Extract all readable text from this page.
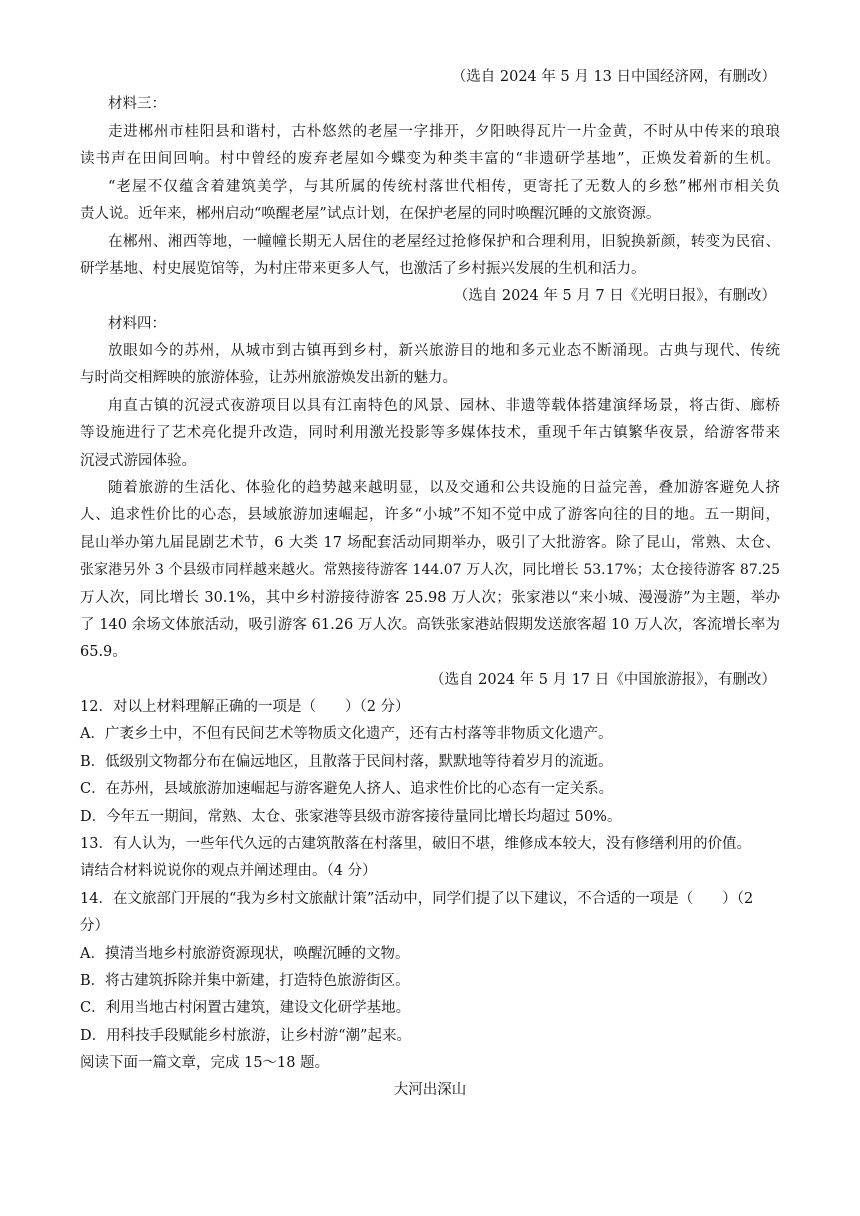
（选自 2024 年 5 月 13 日中国经济网，有删改）

材料三：

走进郴州市桂阳县和谐村，古朴悠然的老屋一字排开，夕阳映得瓦片一片金黄，不时从中传来的琅琅

读书声在田间回响。村中曾经的废弃老屋如今蝶变为种类丰富的“非遗研学基地”，正焕发着新的生机。

“老屋不仅蕴含着建筑美学，与其所属的传统村落世代相传，更寄托了无数人的乡愁”郴州市相关负

责人说。近年来，郴州启动“唤醒老屋”试点计划，在保护老屋的同时唤醒沉睡的文旅资源。

在郴州、湘西等地，一幢幢长期无人居住的老屋经过抢修保护和合理利用，旧貌换新颜，转变为民宿、

研学基地、村史展览馆等，为村庄带来更多人气，也激活了乡村振兴发展的生机和活力。

（选自 2024 年 5 月 7 日《光明日报》，有删改）

材料四：

放眼如今的苏州，从城市到古镇再到乡村，新兴旅游目的地和多元业态不断涌现。古典与现代、传统

与时尚交相辉映的旅游体验，让苏州旅游焕发出新的魅力。

甪直古镇的沉浸式夜游项目以具有江南特色的风景、园林、非遗等载体搭建演绎场景，将古街、廊桥

等设施进行了艺术亮化提升改造，同时利用激光投影等多媒体技术，重现千年古镇繁华夜景，给游客带来

沉浸式游园体验。

随着旅游的生活化、体验化的趋势越来越明显，以及交通和公共设施的日益完善，叠加游客避免人挤

人、追求性价比的心态，县域旅游加速崛起，许多“小城”不知不觉中成了游客向往的目的地。五一期间，

昆山举办第九届昆剧艺术节，6 大类 17 场配套活动同期举办，吸引了大批游客。除了昆山，常熟、太仓、

张家港另外 3 个县级市同样越来越火。常熟接待游客 144.07 万人次，同比增长 53.17%；太仓接待游客 87.25

万人次，同比增长 30.1%，其中乡村游接待游客 25.98 万人次；张家港以“来小城、漫漫游”为主题，举办

了 140 余场文体旅活动，吸引游客 61.26 万人次。高铁张家港站假期发送旅客超 10 万人次，客流增长率为

65.9。

（选自 2024 年 5 月 17 日《中国旅游报》，有删改）

12．对以上材料理解正确的一项是（　　）（2 分）

A．广袤乡土中，不但有民间艺术等物质文化遗产，还有古村落等非物质文化遗产。

B．低级别文物都分布在偏远地区，且散落于民间村落，默默地等待着岁月的流逝。

C．在苏州，县域旅游加速崛起与游客避免人挤人、追求性价比的心态有一定关系。

D．今年五一期间，常熟、太仓、张家港等县级市游客接待量同比增长均超过 50%。

13．有人认为，一些年代久远的古建筑散落在村落里，破旧不堪，维修成本较大，没有修缮利用的价值。

请结合材料说说你的观点并阐述理由。（4 分）

14．在文旅部门开展的“我为乡村文旅献计策”活动中，同学们提了以下建议，不合适的一项是（　　）（2

分）

A．摸清当地乡村旅游资源现状，唤醒沉睡的文物。

B．将古建筑拆除并集中新建，打造特色旅游街区。

C．利用当地古村闲置古建筑，建设文化研学基地。

D．用科技手段赋能乡村旅游，让乡村游“潮”起来。

阅读下面一篇文章，完成 15～18 题。

大河出深山
